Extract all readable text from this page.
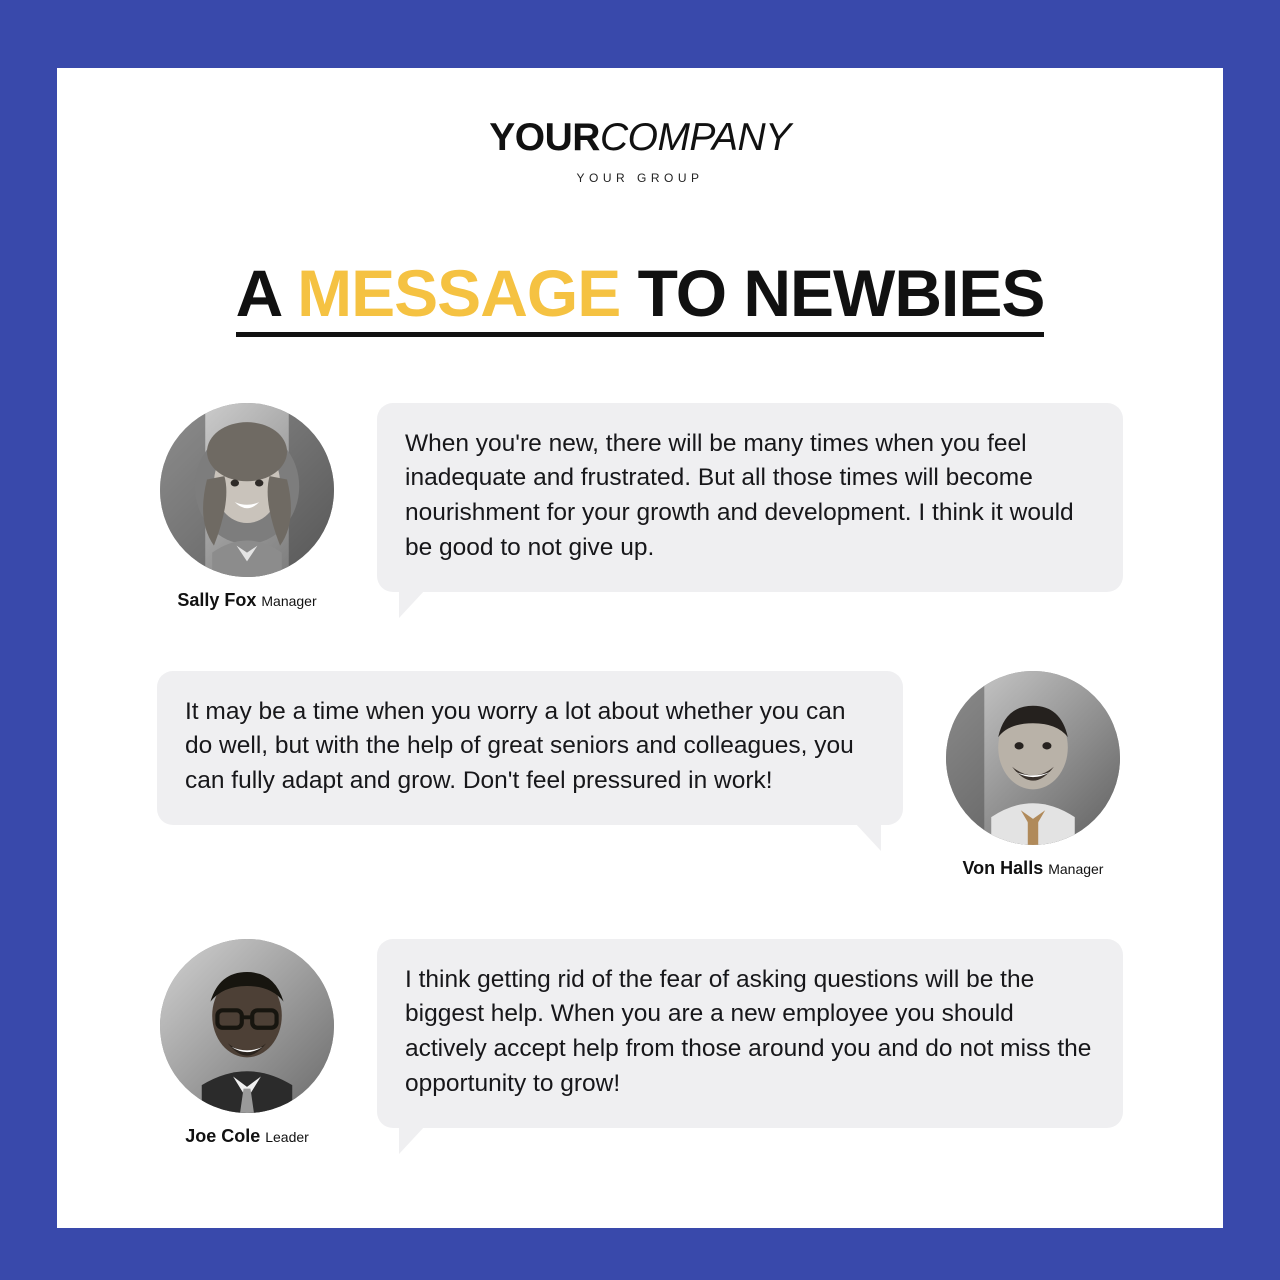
YOURCOMPANY
YOUR GROUP
A MESSAGE TO NEWBIES
Sally Fox Manager
When you're new, there will be many times when you feel inadequate and frustrated. But all those times will become nourishment for your growth and development. I think it would be good to not give up.
It may be a time when you worry a lot about whether you can do well, but with the help of great seniors and colleagues, you can fully adapt and grow. Don't feel pressured in work!
Von Halls Manager
Joe Cole Leader
I think getting rid of the fear of asking questions will be the biggest help. When you are a new employee you should actively accept help from those around you and do not miss the opportunity to grow!
